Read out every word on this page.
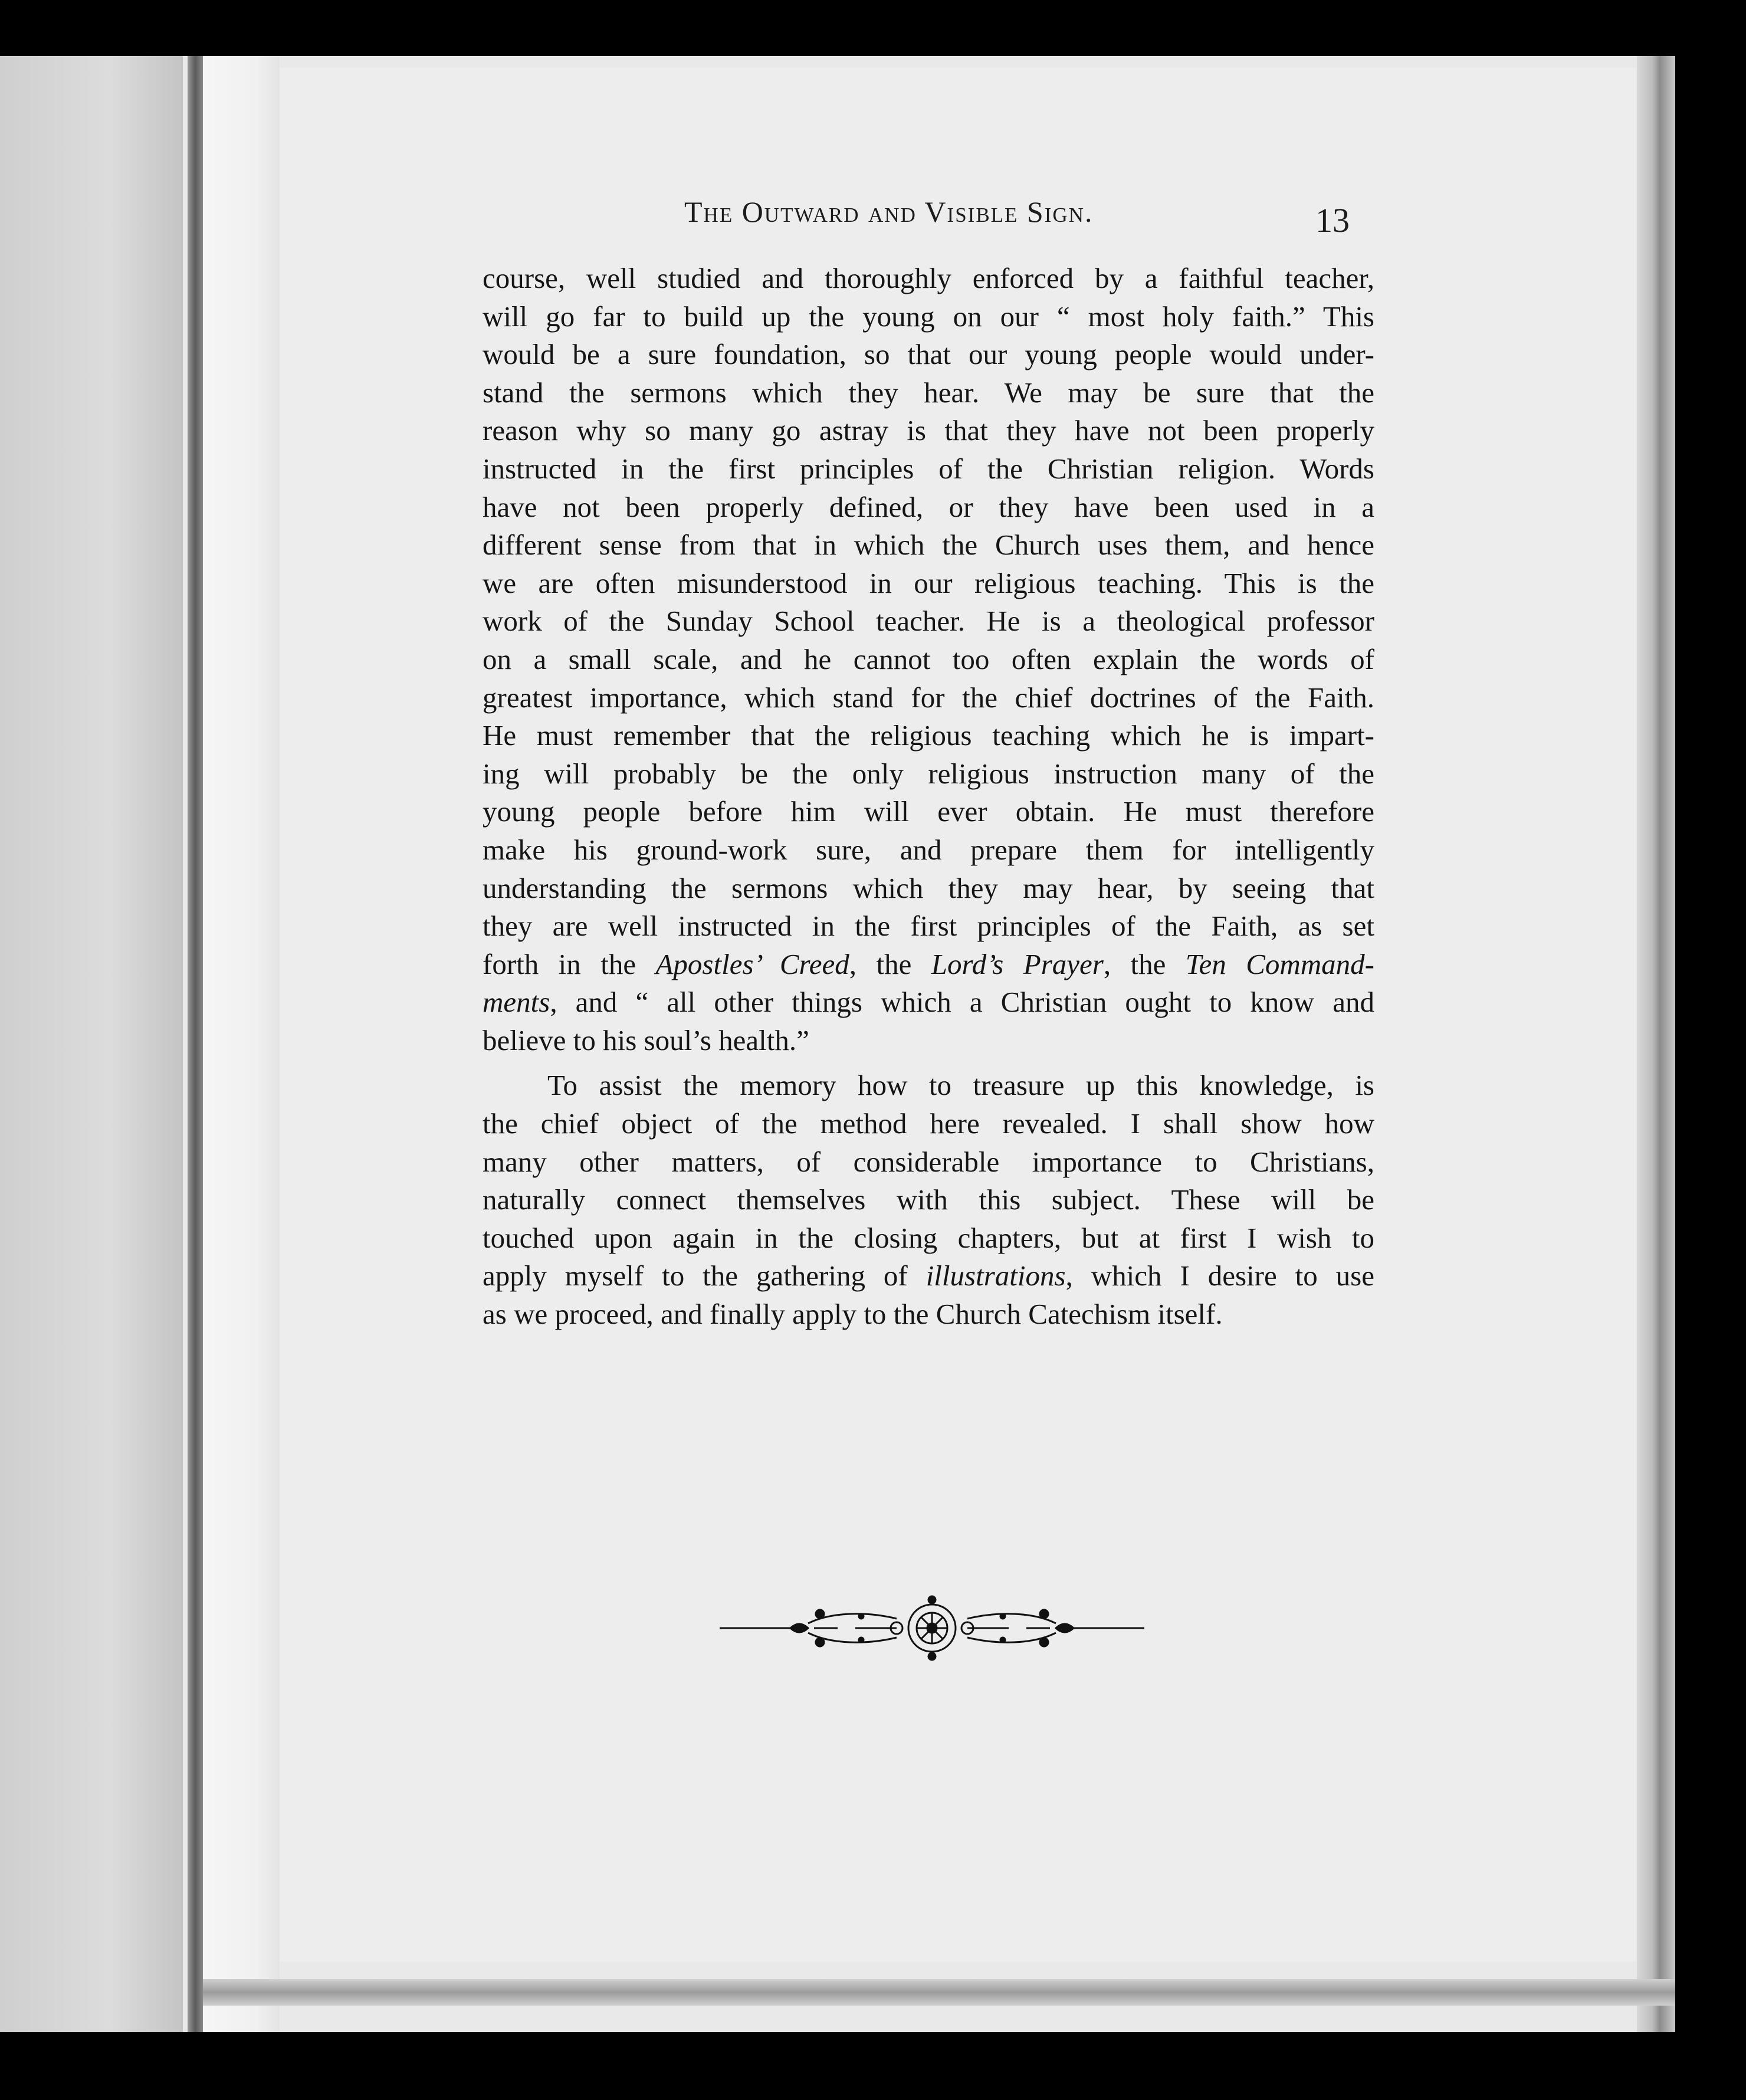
The Outward and Visible Sign.	13
course, well studied and thoroughly enforced by a faithful teacher,
will go far to build up the young on our “ most holy faith.” This
would be a sure foundation, so that our young people would under-
stand the sermons which they hear. We may be sure that the
reason why so many go astray is that they have not been properly
instructed in the first principles of the Christian religion. Words
have not been properly defined, or they have been used in a
different sense from that in which the Church uses them, and hence
we are often misunderstood in our religious teaching. This is the
work of the Sunday School teacher. He is a theological professor
on a small scale, and he cannot too often explain the words of
greatest importance, which stand for the chief doctrines of the Faith.
He must remember that the religious teaching which he is impart-
ing will probably be the only religious instruction many of the
young people before him will ever obtain. He must therefore
make his ground-work sure, and prepare them for intelligently
understanding the sermons which they may hear, by seeing that
they are well instructed in the first principles of the Faith, as set
forth in the Apostles’ Creed, the Lord’s Prayer, the Ten Command-
ments, and “ all other things which a Christian ought to know and
believe to his soul’s health.”
To assist the memory how to treasure up this knowledge, is
the chief object of the method here revealed. I shall show how
many other matters, of considerable importance to Christians,
naturally connect themselves with this subject. These will be
touched upon again in the closing chapters, but at first I wish to
apply myself to the gathering of illustrations, which I desire to use
as we proceed, and finally apply to the Church Catechism itself.
